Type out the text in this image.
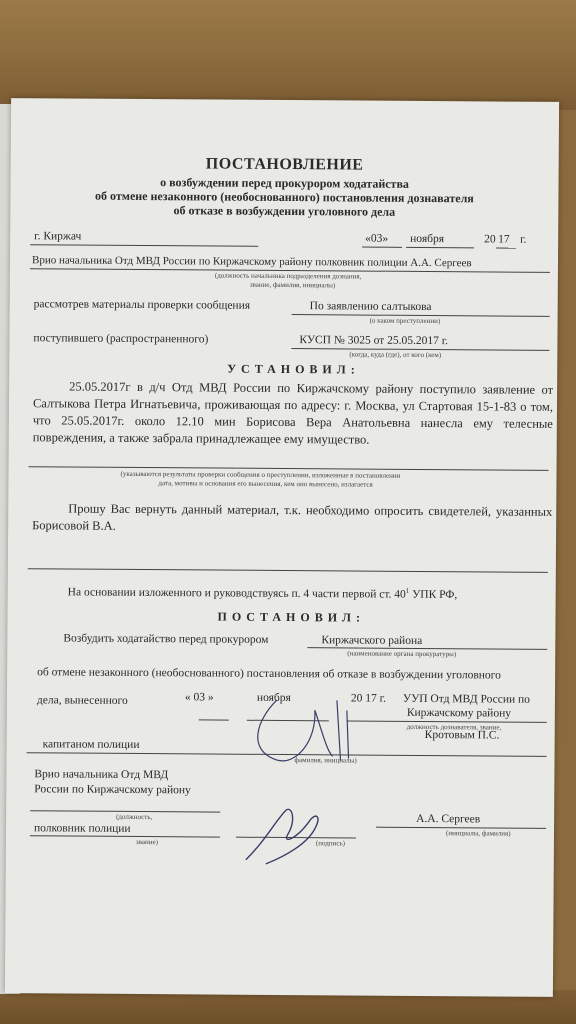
ПОСТАНОВЛЕНИЕ
о возбуждении перед прокурором ходатайства
об отмене незаконного (необоснованного) постановления дознавателя
об отказе в возбуждении уголовного дела
г. Киржач	«03» ноября	20 17 г.
Врио начальника Отд МВД России по Киржачскому району полковник полиции А.А. Сергеев
(должность начальника подразделения дознания,
звание, фамилия, инициалы)
рассмотрев материалы проверки сообщения	По заявлению салтыкова
(о каком преступлении)
поступившего (распространенного)	КУСП № 3025 от 25.05.2017 г.
(когда, куда (где), от кого (кем)
УСТАНОВИЛ:
25.05.2017г в д/ч Отд МВД России по Киржачскому району поступило заявление от Салтыкова Петра Игнатьевича, проживающая по адресу: г. Москва, ул Стартовая 15-1-83 о том, что 25.05.2017г. около 12.10 мин Борисова Вера Анатольевна нанесла ему телесные повреждения, а также забрала принадлежащее ему имущество.
(указываются результаты проверки сообщения о преступлении, изложенные в постановлении
дата, мотивы и основания его вынесения, кем оно вынесено, излагается
Прошу Вас вернуть данный материал, т.к. необходимо опросить свидетелей, указанных Борисовой В.А.
На основании изложенного и руководствуясь п. 4 части первой ст. $40^1$ УПК РФ,
ПОСТАНОВИЛ:
Возбудить ходатайство перед прокурором	Киржачского района
(наименование органа прокуратуры)
об отмене незаконного (необоснованного) постановления об отказе в возбуждении уголовного
дела, вынесенного	« 03 »	ноября	20 17 г. УУП Отд МВД России по
Киржачскому району
должность дознавателя, звание,
капитаном полиции
Кротовым П.С.
фамилия, инициалы)
Врио начальника Отд МВД
России по Киржачскому району
(должность,
полковник полиции
звание)	(подпись)
А.А. Сергеев
(инициалы, фамилия)
